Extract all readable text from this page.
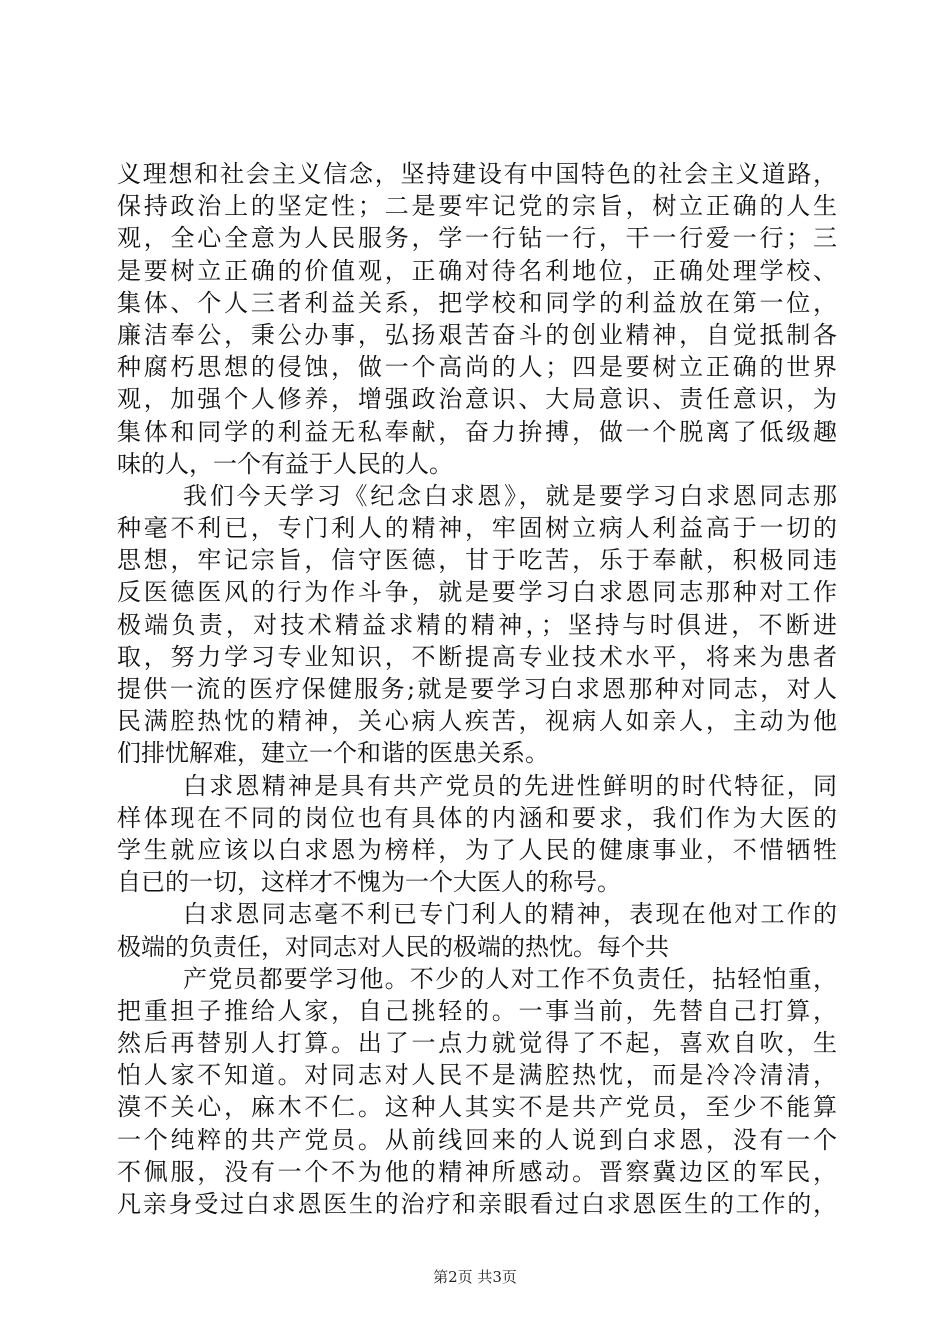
义理想和社会主义信念，坚持建设有中国特色的社会主义道路，
保持政治上的坚定性；二是要牢记党的宗旨，树立正确的人生
观，全心全意为人民服务，学一行钻一行，干一行爱一行；三
是要树立正确的价值观，正确对待名利地位，正确处理学校、
集体、个人三者利益关系，把学校和同学的利益放在第一位，
廉洁奉公，秉公办事，弘扬艰苦奋斗的创业精神，自觉抵制各
种腐朽思想的侵蚀，做一个高尚的人；四是要树立正确的世界
观，加强个人修养，增强政治意识、大局意识、责任意识，为
集体和同学的利益无私奉献，奋力拚搏，做一个脱离了低级趣
味的人，一个有益于人民的人。
我们今天学习《纪念白求恩》，就是要学习白求恩同志那
种毫不利已，专门利人的精神，牢固树立病人利益高于一切的
思想，牢记宗旨，信守医德，甘于吃苦，乐于奉献，积极同违
反医德医风的行为作斗争，就是要学习白求恩同志那种对工作
极端负责，对技术精益求精的精神，；坚持与时俱进，不断进
取，努力学习专业知识，不断提高专业技术水平，将来为患者
提供一流的医疗保健服务;就是要学习白求恩那种对同志，对人
民满腔热忱的精神，关心病人疾苦，视病人如亲人，主动为他
们排忧解难，建立一个和谐的医患关系。
白求恩精神是具有共产党员的先进性鲜明的时代特征，同
样体现在不同的岗位也有具体的内涵和要求，我们作为大医的
学生就应该以白求恩为榜样，为了人民的健康事业，不惜牺牲
自已的一切，这样才不愧为一个大医人的称号。
白求恩同志毫不利已专门利人的精神，表现在他对工作的
极端的负责任，对同志对人民的极端的热忱。每个共
产党员都要学习他。不少的人对工作不负责任，拈轻怕重，
把重担子推给人家，自己挑轻的。一事当前，先替自己打算，
然后再替别人打算。出了一点力就觉得了不起，喜欢自吹，生
怕人家不知道。对同志对人民不是满腔热忱，而是冷冷清清，
漠不关心，麻木不仁。这种人其实不是共产党员，至少不能算
一个纯粹的共产党员。从前线回来的人说到白求恩，没有一个
不佩服，没有一个不为他的精神所感动。晋察冀边区的军民，
凡亲身受过白求恩医生的治疗和亲眼看过白求恩医生的工作的，
第2页 共3页
